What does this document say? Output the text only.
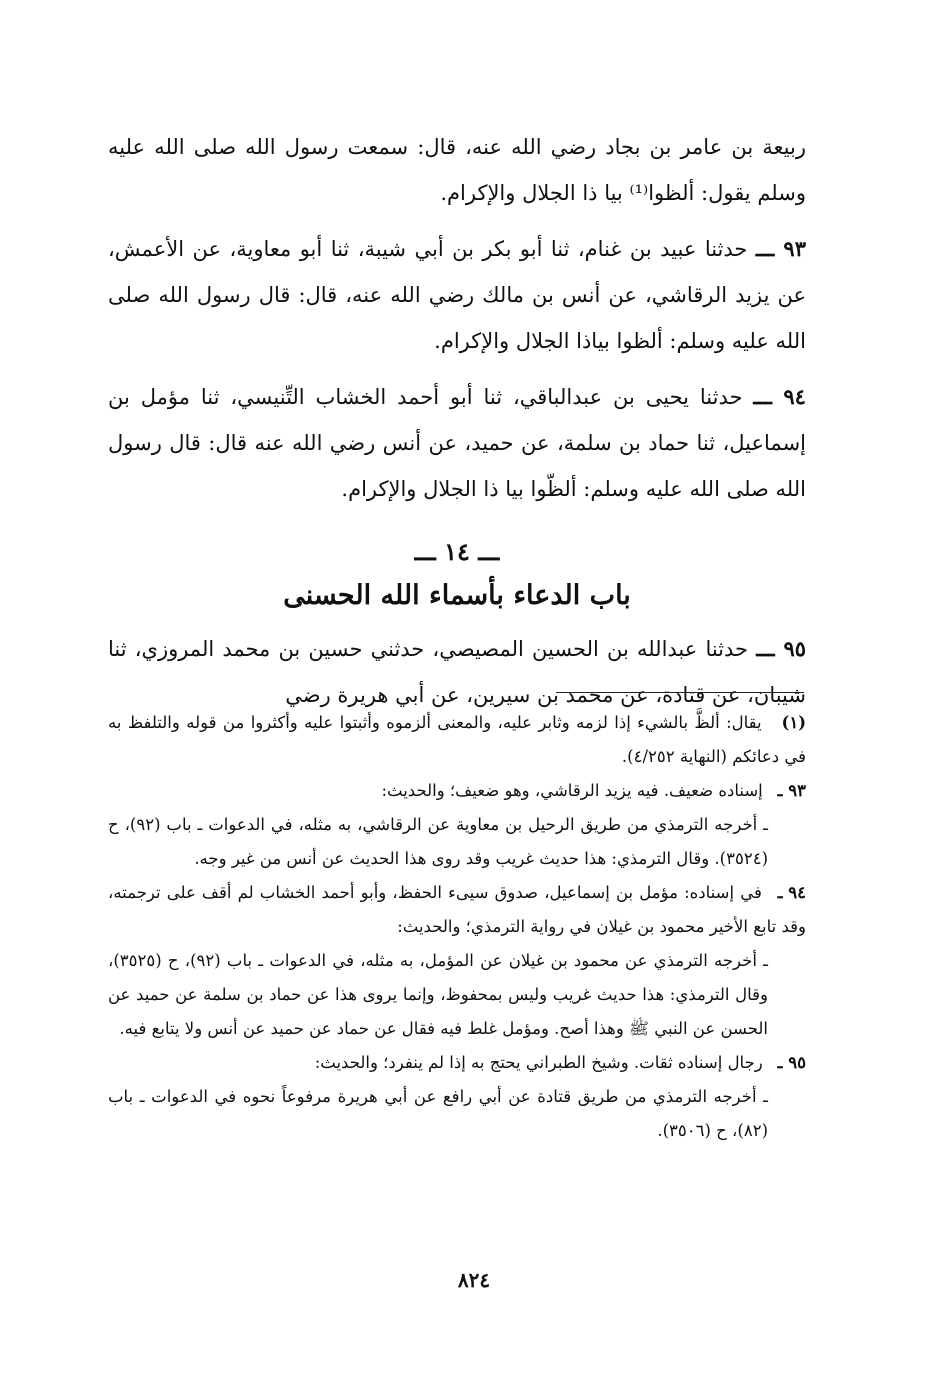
ربيعة بن عامر بن بجاد رضي الله عنه، قال: سمعت رسول الله صلى الله عليه وسلم يقول: ألظوا⁽¹⁾ بيا ذا الجلال والإكرام.

٩٣ ـــ حدثنا عبيد بن غنام، ثنا أبو بكر بن أبي شيبة، ثنا أبو معاوية، عن الأعمش، عن يزيد الرقاشي، عن أنس بن مالك رضي الله عنه، قال: قال رسول الله صلى الله عليه وسلم: ألظوا بياذا الجلال والإكرام.

٩٤ ـــ حدثنا يحيى بن عبدالباقي، ثنا أبو أحمد الخشاب التِّنيسي، ثنا مؤمل بن إسماعيل، ثنا حماد بن سلمة، عن حميد، عن أنس رضي الله عنه قال: قال رسول الله صلى الله عليه وسلم: ألظّوا بيا ذا الجلال والإكرام.

ـــ ١٤ ـــ
باب الدعاء بأسماء الله الحسنى

٩٥ ـــ حدثنا عبدالله بن الحسين المصيصي، حدثني حسين بن محمد المروزي، ثنا شيبان، عن قتادة، عن محمد بن سيرين، عن أبي هريرة رضي

(١) يقال: ألظَّ بالشيء إذا لزمه وثابر عليه، والمعنى ألزموه وأثبتوا عليه وأكثروا من قوله والتلفظ به في دعائكم (النهاية ٤/٢٥٢).

٩٣ ـ إسناده ضعيف. فيه يزيد الرقاشي، وهو ضعيف؛ والحديث:

ـ أخرجه الترمذي من طريق الرحيل بن معاوية عن الرقاشي، به مثله، في الدعوات ـ باب (٩٢)، ح (٣٥٢٤). وقال الترمذي: هذا حديث غريب وقد روى هذا الحديث عن أنس من غير وجه.

٩٤ ـ في إسناده: مؤمل بن إسماعيل، صدوق سيىء الحفظ، وأبو أحمد الخشاب لم أقف على ترجمته، وقد تابع الأخير محمود بن غيلان في رواية الترمذي؛ والحديث:

ـ أخرجه الترمذي عن محمود بن غيلان عن المؤمل، به مثله، في الدعوات ـ باب (٩٢)، ح (٣٥٢٥)، وقال الترمذي: هذا حديث غريب وليس بمحفوظ، وإنما يروى هذا عن حماد بن سلمة عن حميد عن الحسن عن النبي ﷺ وهذا أصح. ومؤمل غلط فيه فقال عن حماد عن حميد عن أنس ولا يتابع فيه.

٩٥ ـ رجال إسناده ثقات. وشيخ الطبراني يحتج به إذا لم ينفرد؛ والحديث:

ـ أخرجه الترمذي من طريق قتادة عن أبي رافع عن أبي هريرة مرفوعاً نحوه في الدعوات ـ باب (٨٢)، ح (٣٥٠٦).

٨٢٤
